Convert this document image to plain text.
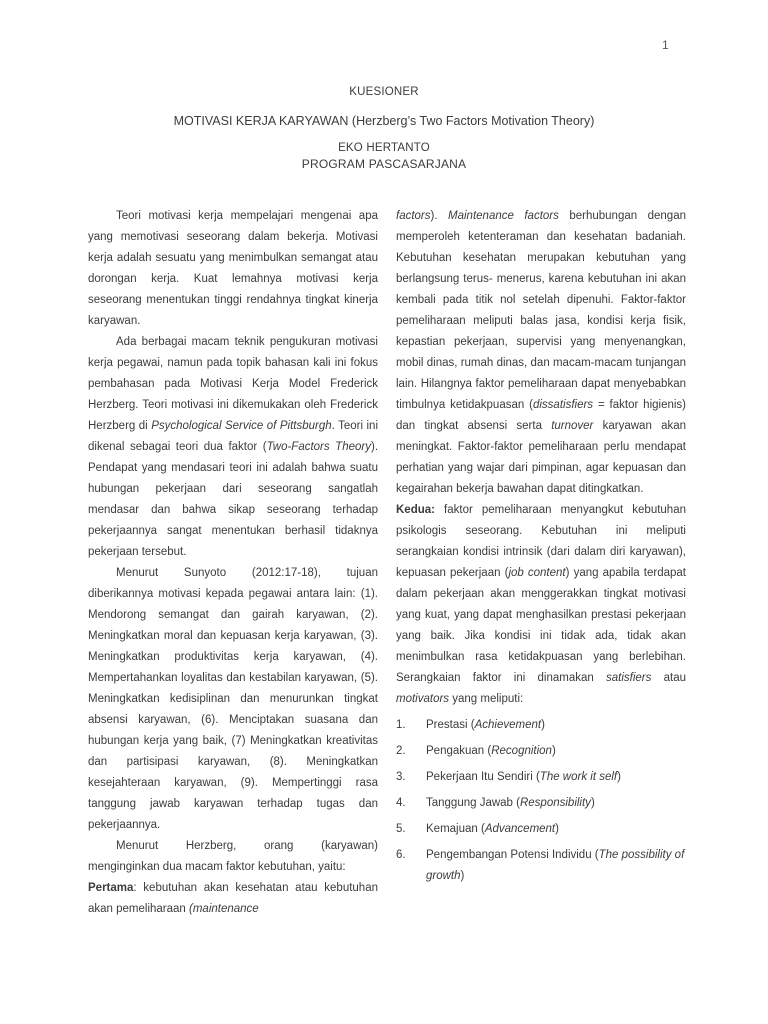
1
KUESIONER
MOTIVASI KERJA KARYAWAN (Herzberg’s Two Factors Motivation Theory)
EKO HERTANTO
PROGRAM PASCASARJANA

Teori motivasi kerja mempelajari mengenai apa yang memotivasi seseorang dalam bekerja. Motivasi kerja adalah sesuatu yang menimbulkan semangat atau dorongan kerja. Kuat lemahnya motivasi kerja seseorang menentukan tinggi rendahnya tingkat kinerja karyawan.

Ada berbagai macam teknik pengukuran motivasi kerja pegawai, namun pada topik bahasan kali ini fokus pembahasan pada Motivasi Kerja Model Frederick Herzberg. Teori motivasi ini dikemukakan oleh Frederick Herzberg di Psychological Service of Pittsburgh. Teori ini dikenal sebagai teori dua faktor (Two-Factors Theory). Pendapat yang mendasari teori ini adalah bahwa suatu hubungan pekerjaan dari seseorang sangatlah mendasar dan bahwa sikap seseorang terhadap pekerjaannya sangat menentukan berhasil tidaknya pekerjaan tersebut.

Menurut Sunyoto (2012:17-18), tujuan diberikannya motivasi kepada pegawai antara lain: (1). Mendorong semangat dan gairah karyawan, (2). Meningkatkan moral dan kepuasan kerja karyawan, (3). Meningkatkan produktivitas kerja karyawan, (4). Mempertahankan loyalitas dan kestabilan karyawan, (5). Meningkatkan kedisiplinan dan menurunkan tingkat absensi karyawan, (6). Menciptakan suasana dan hubungan kerja yang baik, (7) Meningkatkan kreativitas dan partisipasi karyawan, (8). Meningkatkan kesejahteraan karyawan, (9). Mempertinggi rasa tanggung jawab karyawan terhadap tugas dan pekerjaannya.

Menurut Herzberg, orang (karyawan) menginginkan dua macam faktor kebutuhan, yaitu:

Pertama: kebutuhan akan kesehatan atau kebutuhan akan pemeliharaan (maintenance

factors). Maintenance factors berhubungan dengan memperoleh ketenteraman dan kesehatan badaniah. Kebutuhan kesehatan merupakan kebutuhan yang berlangsung terus- menerus, karena kebutuhan ini akan kembali pada titik nol setelah dipenuhi. Faktor-faktor pemeliharaan meliputi balas jasa, kondisi kerja fisik, kepastian pekerjaan, supervisi yang menyenangkan, mobil dinas, rumah dinas, dan macam-macam tunjangan lain. Hilangnya faktor pemeliharaan dapat menyebabkan timbulnya ketidakpuasan (dissatisfiers = faktor higienis) dan tingkat absensi serta turnover karyawan akan meningkat. Faktor-faktor pemeliharaan perlu mendapat perhatian yang wajar dari pimpinan, agar kepuasan dan kegairahan bekerja bawahan dapat ditingkatkan.

Kedua: faktor pemeliharaan menyangkut kebutuhan psikologis seseorang. Kebutuhan ini meliputi serangkaian kondisi intrinsik (dari dalam diri karyawan), kepuasan pekerjaan (job content) yang apabila terdapat dalam pekerjaan akan menggerakkan tingkat motivasi yang kuat, yang dapat menghasilkan prestasi pekerjaan yang baik. Jika kondisi ini tidak ada, tidak akan menimbulkan rasa ketidakpuasan yang berlebihan. Serangkaian faktor ini dinamakan satisfiers atau motivators yang meliputi:

1.	Prestasi (Achievement)
2.	Pengakuan (Recognition)
3.	Pekerjaan Itu Sendiri (The work it self)
4.	Tanggung Jawab (Responsibility)
5.	Kemajuan (Advancement)
6.	Pengembangan Potensi Individu (The possibility of growth)
